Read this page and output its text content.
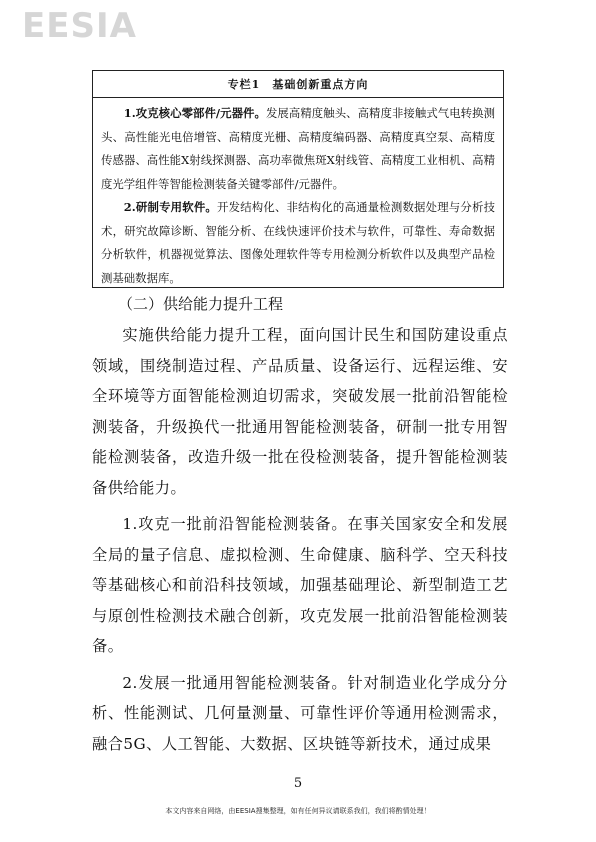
EESIA
专栏1　基础创新重点方向

1.攻克核心零部件/元器件。发展高精度触头、高精度非接触式气电转换测头、高性能光电倍增管、高精度光栅、高精度编码器、高精度真空泵、高精度传感器、高性能X射线探测器、高功率微焦斑X射线管、高精度工业相机、高精度光学组件等智能检测装备关键零部件/元器件。

2.研制专用软件。开发结构化、非结构化的高通量检测数据处理与分析技术，研究故障诊断、智能分析、在线快速评价技术与软件，可靠性、寿命数据分析软件，机器视觉算法、图像处理软件等专用检测分析软件以及典型产品检测基础数据库。

（二）供给能力提升工程

实施供给能力提升工程，面向国计民生和国防建设重点领域，围绕制造过程、产品质量、设备运行、远程运维、安全环境等方面智能检测迫切需求，突破发展一批前沿智能检测装备，升级换代一批通用智能检测装备，研制一批专用智能检测装备，改造升级一批在役检测装备，提升智能检测装备供给能力。

1.攻克一批前沿智能检测装备。在事关国家安全和发展全局的量子信息、虚拟检测、生命健康、脑科学、空天科技等基础核心和前沿科技领域，加强基础理论、新型制造工艺与原创性检测技术融合创新，攻克发展一批前沿智能检测装备。

2.发展一批通用智能检测装备。针对制造业化学成分分析、性能测试、几何量测量、可靠性评价等通用检测需求，融合5G、人工智能、大数据、区块链等新技术，通过成果

5
本文内容来自网络，由EESIA搜集整理，如有任何异议请联系我们，我们将酌情处理！
